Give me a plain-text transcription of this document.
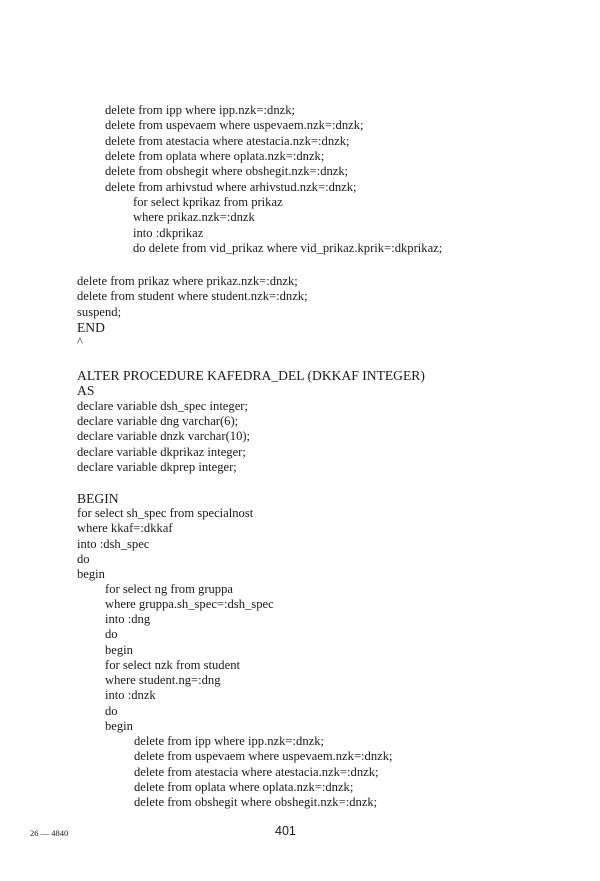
delete from ipp where ipp.nzk=:dnzk;
delete from uspevaem where uspevaem.nzk=:dnzk;
delete from atestacia where atestacia.nzk=:dnzk;
delete from oplata where oplata.nzk=:dnzk;
delete from obshegit where obshegit.nzk=:dnzk;
delete from arhivstud where arhivstud.nzk=:dnzk;
for select kprikaz from prikaz
where prikaz.nzk=:dnzk
into :dkprikaz
do delete from vid_prikaz where vid_prikaz.kprik=:dkprikaz;
delete from prikaz where prikaz.nzk=:dnzk;
delete from student where student.nzk=:dnzk;
suspend;
END
^
ALTER PROCEDURE KAFEDRA_DEL (DKKAF INTEGER)
AS
declare variable dsh_spec integer;
declare variable dng varchar(6);
declare variable dnzk varchar(10);
declare variable dkprikaz integer;
declare variable dkprep integer;
BEGIN
for select sh_spec from specialnost
where kkaf=:dkkaf
into :dsh_spec
do
begin
for select ng from gruppa
where gruppa.sh_spec=:dsh_spec
into :dng
do
begin
for select nzk from student
where student.ng=:dng
into :dnzk
do
begin
delete from ipp where ipp.nzk=:dnzk;
delete from uspevaem where uspevaem.nzk=:dnzk;
delete from atestacia where atestacia.nzk=:dnzk;
delete from oplata where oplata.nzk=:dnzk;
delete from obshegit where obshegit.nzk=:dnzk;
26 — 4840	401
